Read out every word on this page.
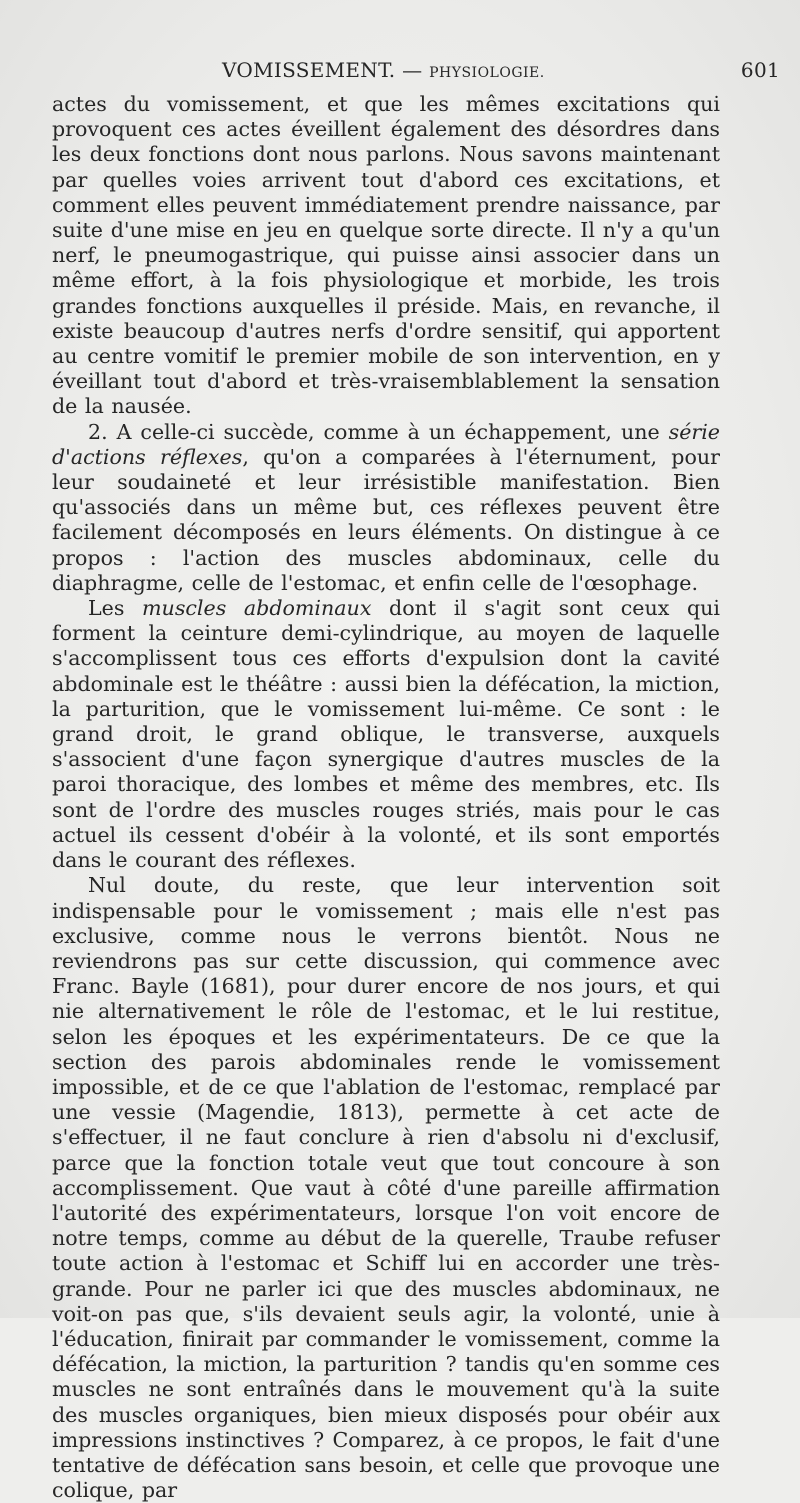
VOMISSEMENT. — PHYSIOLOGIE.	601

actes du vomissement, et que les mêmes excitations qui provoquent ces actes éveillent également des désordres dans les deux fonctions dont nous parlons. Nous savons maintenant par quelles voies arrivent tout d'abord ces excitations, et comment elles peuvent immédiatement prendre naissance, par suite d'une mise en jeu en quelque sorte directe. Il n'y a qu'un nerf, le pneumogastrique, qui puisse ainsi associer dans un même effort, à la fois physiologique et morbide, les trois grandes fonctions auxquelles il préside. Mais, en revanche, il existe beaucoup d'autres nerfs d'ordre sensitif, qui apportent au centre vomitif le premier mobile de son intervention, en y éveillant tout d'abord et très-vraisemblablement la sensation de la nausée.

2. A celle-ci succède, comme à un échappement, une série d'actions réflexes, qu'on a comparées à l'éternument, pour leur soudaineté et leur irrésistible manifestation. Bien qu'associés dans un même but, ces réflexes peuvent être facilement décomposés en leurs éléments. On distingue à ce propos : l'action des muscles abdominaux, celle du diaphragme, celle de l'estomac, et enfin celle de l'œsophage.

Les muscles abdominaux dont il s'agit sont ceux qui forment la ceinture demi-cylindrique, au moyen de laquelle s'accomplissent tous ces efforts d'expulsion dont la cavité abdominale est le théâtre : aussi bien la défécation, la miction, la parturition, que le vomissement lui-même. Ce sont : le grand droit, le grand oblique, le transverse, auxquels s'associent d'une façon synergique d'autres muscles de la paroi thoracique, des lombes et même des membres, etc. Ils sont de l'ordre des muscles rouges striés, mais pour le cas actuel ils cessent d'obéir à la volonté, et ils sont emportés dans le courant des réflexes.

Nul doute, du reste, que leur intervention soit indispensable pour le vomissement ; mais elle n'est pas exclusive, comme nous le verrons bientôt. Nous ne reviendrons pas sur cette discussion, qui commence avec Franc. Bayle (1681), pour durer encore de nos jours, et qui nie alternativement le rôle de l'estomac, et le lui restitue, selon les époques et les expérimentateurs. De ce que la section des parois abdominales rende le vomissement impossible, et de ce que l'ablation de l'estomac, remplacé par une vessie (Magendie, 1813), permette à cet acte de s'effectuer, il ne faut conclure à rien d'absolu ni d'exclusif, parce que la fonction totale veut que tout concoure à son accomplissement. Que vaut à côté d'une pareille affirmation l'autorité des expérimentateurs, lorsque l'on voit encore de notre temps, comme au début de la querelle, Traube refuser toute action à l'estomac et Schiff lui en accorder une très-grande. Pour ne parler ici que des muscles abdominaux, ne voit-on pas que, s'ils devaient seuls agir, la volonté, unie à l'éducation, finirait par commander le vomissement, comme la défécation, la miction, la parturition ? tandis qu'en somme ces muscles ne sont entraînés dans le mouvement qu'à la suite des muscles organiques, bien mieux disposés pour obéir aux impressions instinctives ? Comparez, à ce propos, le fait d'une tentative de défécation sans besoin, et celle que provoque une colique, par
